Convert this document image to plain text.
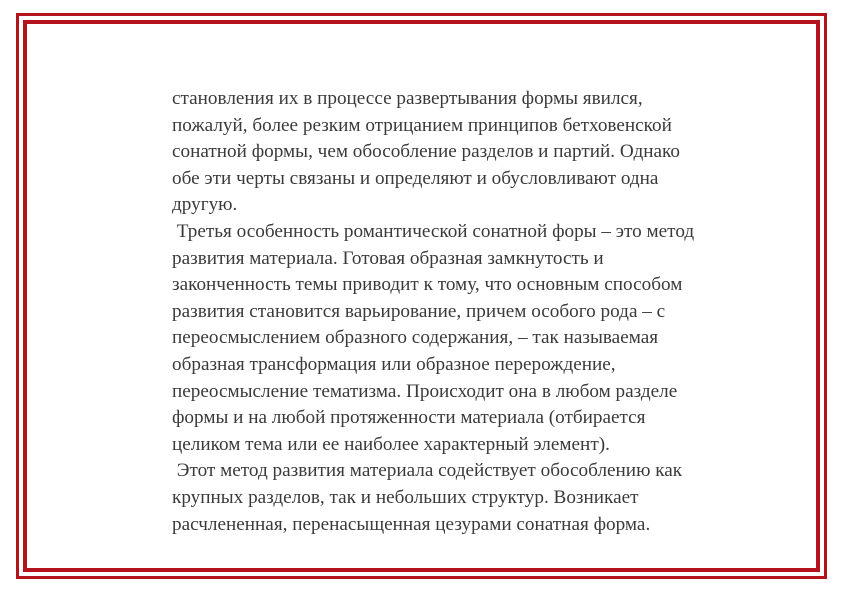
становления их в процессе развертывания формы явился,
пожалуй, более резким отрицанием принципов бетховенской
сонатной формы, чем обособление разделов и партий. Однако
обе эти черты связаны и определяют и обусловливают одна
другую.
Третья особенность романтической сонатной форы – это метод
развития материала. Готовая образная замкнутость и
законченность темы приводит к тому, что основным способом
развития становится варьирование, причем особого рода – с
переосмыслением образного содержания, – так называемая
образная трансформация или образное перерождение,
переосмысление тематизма. Происходит она в любом разделе
формы и на любой протяженности материала (отбирается
целиком тема или ее наиболее характерный элемент).
Этот метод развития материала содействует обособлению как
крупных разделов, так и небольших структур. Возникает
расчлененная, перенасыщенная цезурами сонатная форма.
